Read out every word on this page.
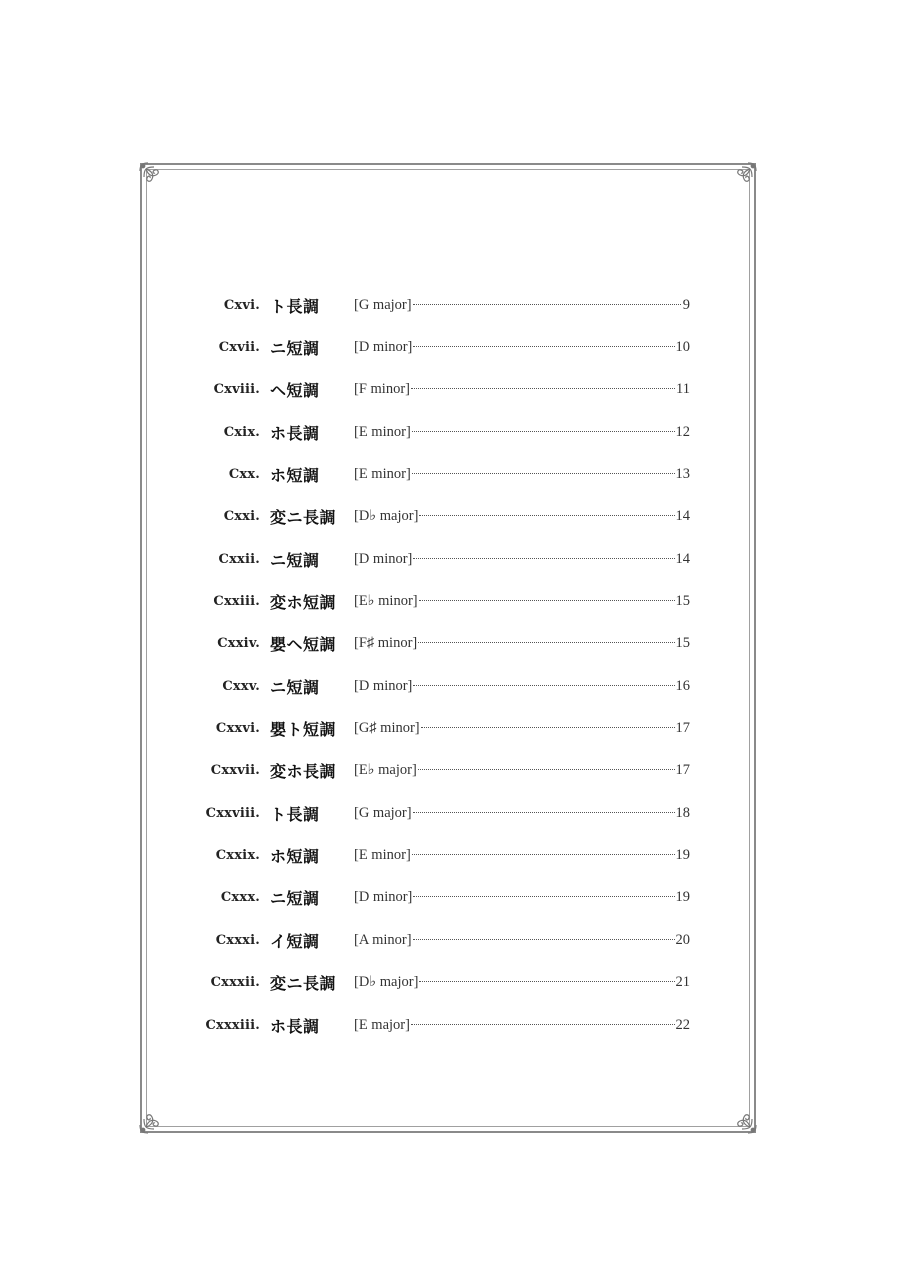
Cxvi. ト長調	[G major]	9
Cxvii. ニ短調	[D minor]	10
Cxviii. ヘ短調	[F minor]	11
Cxix. ホ長調	[E minor]	12
Cxx. ホ短調	[E minor]	13
Cxxi. 変ニ長調	[D♭ major]	14
Cxxii. ニ短調	[D minor]	14
Cxxiii. 変ホ短調	[E♭ minor]	15
Cxxiv. 嬰ヘ短調	[F♯ minor]	15
Cxxv. ニ短調	[D minor]	16
Cxxvi. 嬰ト短調	[G♯ minor]	17
Cxxvii. 変ホ長調	[E♭ major]	17
Cxxviii. ト長調	[G major]	18
Cxxix. ホ短調	[E minor]	19
Cxxx. ニ短調	[D minor]	19
Cxxxi. イ短調	[A minor]	20
Cxxxii. 変ニ長調	[D♭ major]	21
Cxxxiii. ホ長調	[E major]	22
